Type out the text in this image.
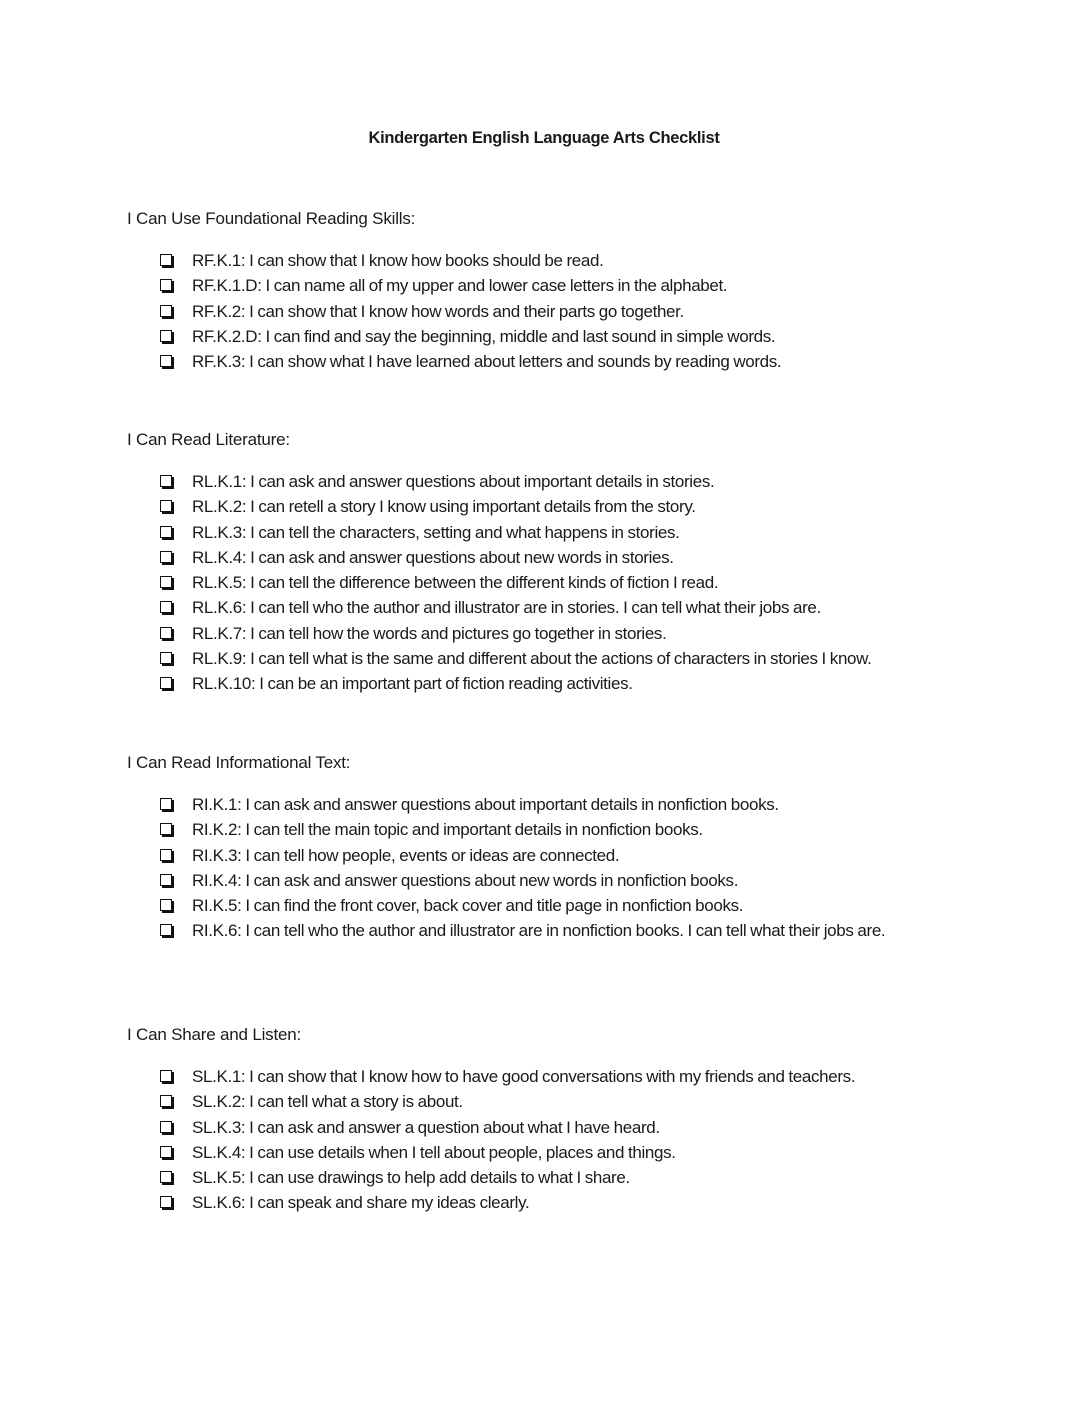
Kindergarten English Language Arts Checklist
I Can Use Foundational Reading Skills:
RF.K.1: I can show that I know how books should be read.
RF.K.1.D: I can name all of my upper and lower case letters in the alphabet.
RF.K.2: I can show that I know how words and their parts go together.
RF.K.2.D: I can find and say the beginning, middle and last sound in simple words.
RF.K.3: I can show what I have learned about letters and sounds by reading words.
I Can Read Literature:
RL.K.1: I can ask and answer questions about important details in stories.
RL.K.2: I can retell a story I know using important details from the story.
RL.K.3: I can tell the characters, setting and what happens in stories.
RL.K.4: I can ask and answer questions about new words in stories.
RL.K.5: I can tell the difference between the different kinds of fiction I read.
RL.K.6: I can tell who the author and illustrator are in stories. I can tell what their jobs are.
RL.K.7: I can tell how the words and pictures go together in stories.
RL.K.9: I can tell what is the same and different about the actions of characters in stories I know.
RL.K.10: I can be an important part of fiction reading activities.
I Can Read Informational Text:
RI.K.1: I can ask and answer questions about important details in nonfiction books.
RI.K.2: I can tell the main topic and important details in nonfiction books.
RI.K.3: I can tell how people, events or ideas are connected.
RI.K.4: I can ask and answer questions about new words in nonfiction books.
RI.K.5: I can find the front cover, back cover and title page in nonfiction books.
RI.K.6: I can tell who the author and illustrator are in nonfiction books. I can tell what their jobs are.
I Can Share and Listen:
SL.K.1: I can show that I know how to have good conversations with my friends and teachers.
SL.K.2: I can tell what a story is about.
SL.K.3: I can ask and answer a question about what I have heard.
SL.K.4: I can use details when I tell about people, places and things.
SL.K.5: I can use drawings to help add details to what I share.
SL.K.6: I can speak and share my ideas clearly.
